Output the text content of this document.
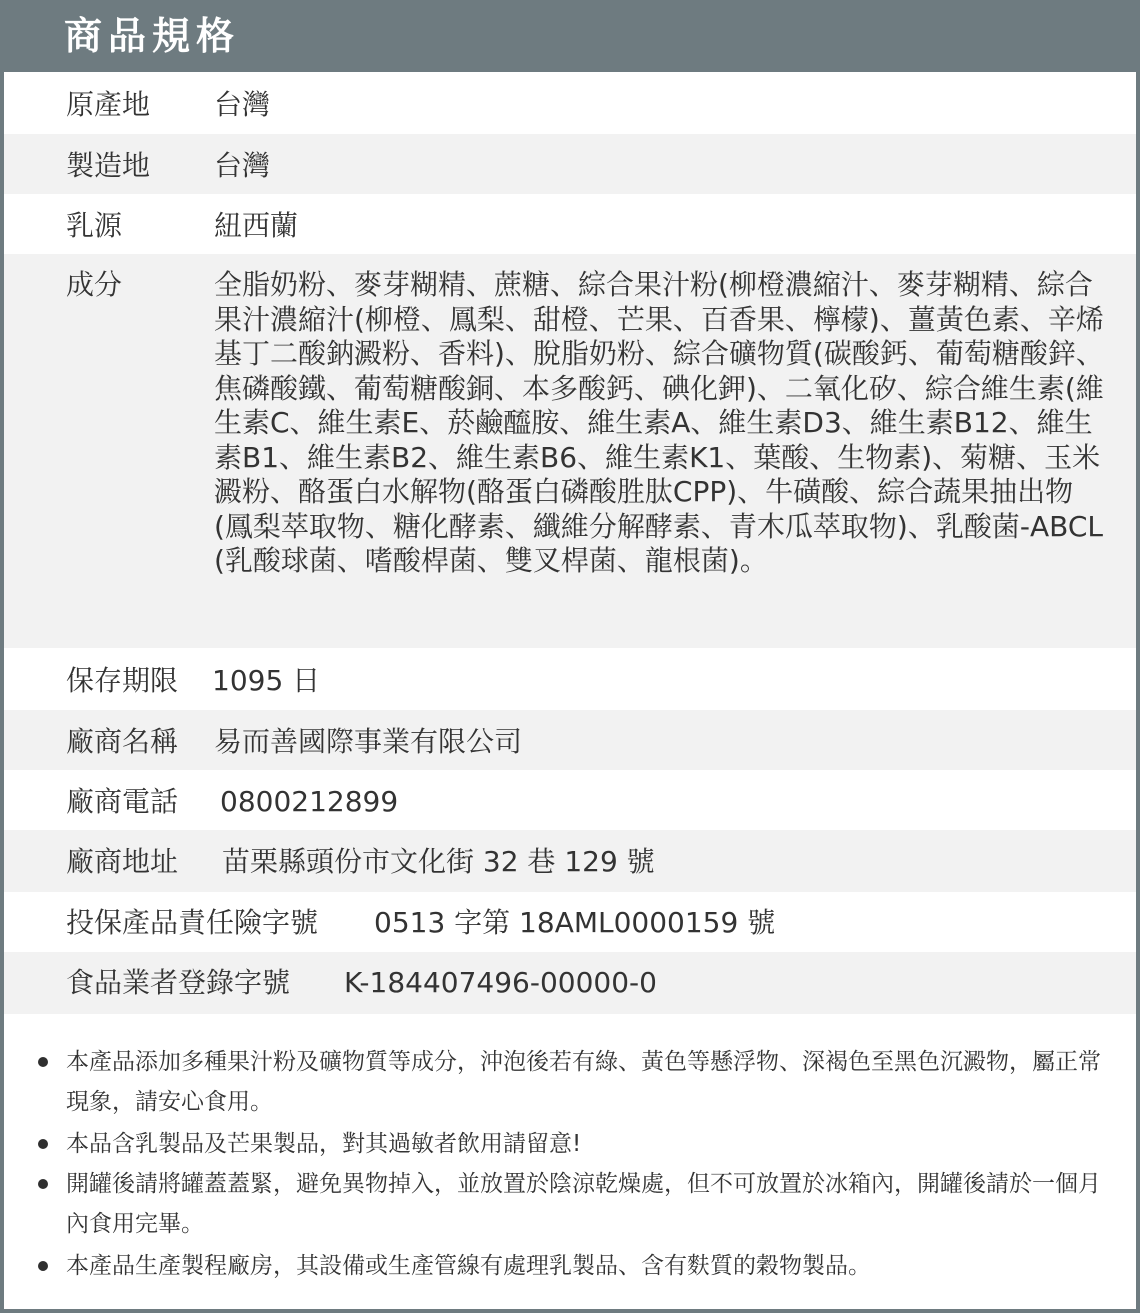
商品規格
原產地 台灣
製造地 台灣
乳源	紐西蘭
成分	全脂奶粉、麥芽糊精、蔗糖、綜合果汁粉(柳橙濃縮汁、麥芽糊精、綜合果汁濃縮汁(柳橙、鳳梨、甜橙、芒果、百香果、檸檬)、薑黃色素、辛烯基丁二酸鈉澱粉、香料)、脫脂奶粉、綜合礦物質(碳酸鈣、葡萄糖酸鋅、焦磷酸鐵、葡萄糖酸銅、本多酸鈣、碘化鉀)、二氧化矽、綜合維生素(維生素C、維生素E、菸鹼醯胺、維生素A、維生素D3、維生素B12、維生素B1、維生素B2、維生素B6、維生素K1、葉酸、生物素)、菊糖、玉米澱粉、酪蛋白水解物(酪蛋白磷酸胜肽CPP)、牛磺酸、綜合蔬果抽出物(鳳梨萃取物、糖化酵素、纖維分解酵素、青木瓜萃取物)、乳酸菌-ABCL(乳酸球菌、嗜酸桿菌、雙叉桿菌、龍根菌)。
保存期限 1095 日
廠商名稱 易而善國際事業有限公司
廠商電話 0800212899
廠商地址 苗栗縣頭份市文化街 32 巷 129 號
投保產品責任險字號 0513 字第 18AML0000159 號
食品業者登錄字號 K-184407496-00000-0
本產品添加多種果汁粉及礦物質等成分，沖泡後若有綠、黃色等懸浮物、深褐色至黑色沉澱物，屬正常現象，請安心食用。
本品含乳製品及芒果製品，對其過敏者飲用請留意!
開罐後請將罐蓋蓋緊，避免異物掉入，並放置於陰涼乾燥處，但不可放置於冰箱內，開罐後請於一個月內食用完畢。
本產品生產製程廠房，其設備或生產管線有處理乳製品、含有麩質的穀物製品。
